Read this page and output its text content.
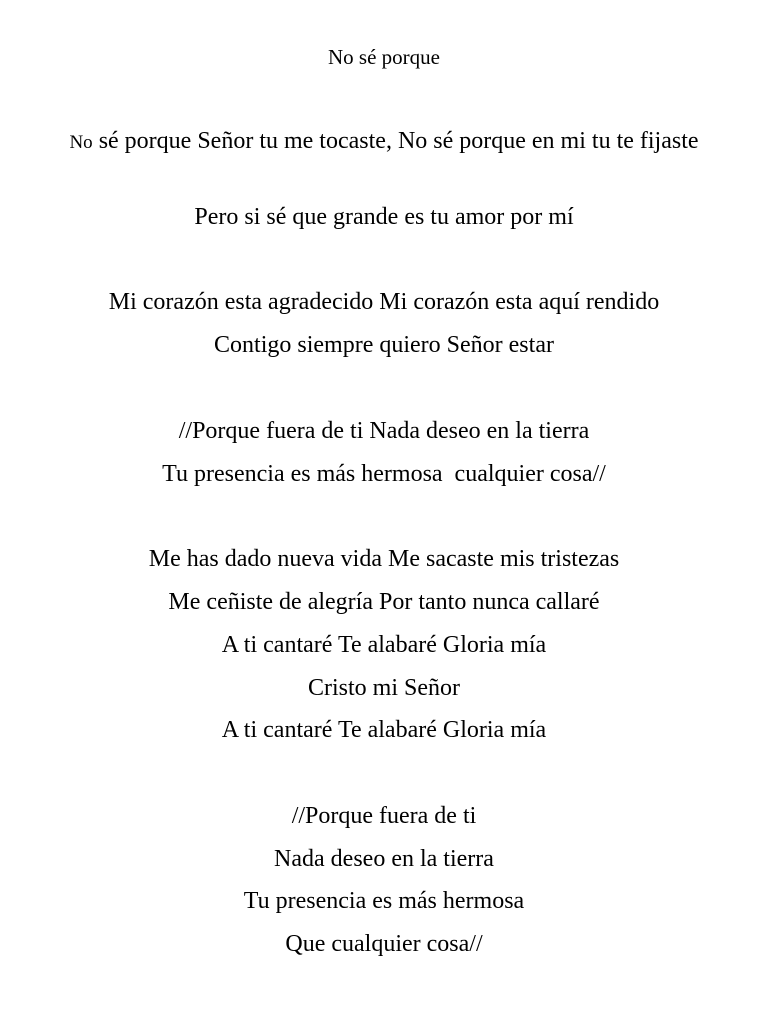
No sé porque
No sé porque Señor tu me tocaste, No sé porque en mi tu te fijaste
Pero si sé que grande es tu amor por mí
Mi corazón esta agradecido Mi corazón esta aquí rendido
Contigo siempre quiero Señor estar
//Porque fuera de ti Nada deseo en la tierra
Tu presencia es más hermosa  cualquier cosa//
Me has dado nueva vida Me sacaste mis tristezas
Me ceñiste de alegría Por tanto nunca callaré
A ti cantaré Te alabaré Gloria mía
Cristo mi Señor
A ti cantaré Te alabaré Gloria mía
//Porque fuera de ti
Nada deseo en la tierra
Tu presencia es más hermosa
Que cualquier cosa//
